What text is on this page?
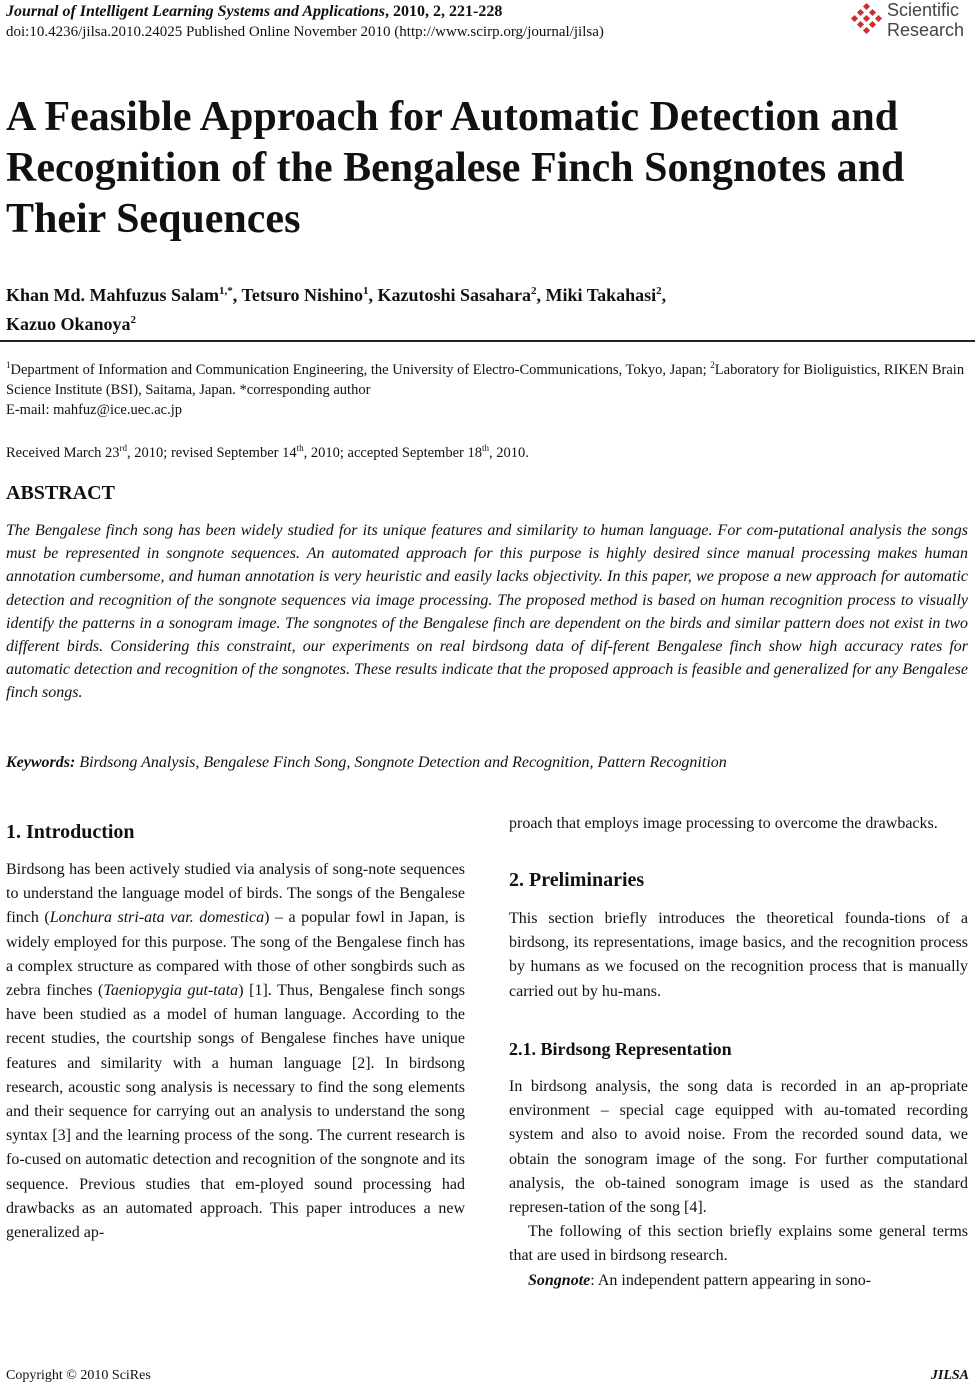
Journal of Intelligent Learning Systems and Applications, 2010, 2, 221-228
doi:10.4236/jilsa.2010.24025 Published Online November 2010 (http://www.scirp.org/journal/jilsa)
Scientific
Research
A Feasible Approach for Automatic Detection and Recognition of the Bengalese Finch Songnotes and Their Sequences
Khan Md. Mahfuzus Salam$^{1,*}$, Tetsuro Nishino$^1$, Kazutoshi Sasahara$^2$, Miki Takahasi$^2$,
Kazuo Okanoya$^2$
$^1$Department of Information and Communication Engineering, the University of Electro-Communications, Tokyo, Japan; $^2$Laboratory for Bioliguistics, RIKEN Brain Science Institute (BSI), Saitama, Japan. *corresponding author
E-mail: mahfuz@ice.uec.ac.jp
Received March 23rd, 2010; revised September 14th, 2010; accepted September 18th, 2010.
ABSTRACT
The Bengalese finch song has been widely studied for its unique features and similarity to human language. For com-putational analysis the songs must be represented in songnote sequences. An automated approach for this purpose is highly desired since manual processing makes human annotation cumbersome, and human annotation is very heuristic and easily lacks objectivity. In this paper, we propose a new approach for automatic detection and recognition of the songnote sequences via image processing. The proposed method is based on human recognition process to visually identify the patterns in a sonogram image. The songnotes of the Bengalese finch are dependent on the birds and similar pattern does not exist in two different birds. Considering this constraint, our experiments on real birdsong data of dif-ferent Bengalese finch show high accuracy rates for automatic detection and recognition of the songnotes. These results indicate that the proposed approach is feasible and generalized for any Bengalese finch songs.
Keywords: Birdsong Analysis, Bengalese Finch Song, Songnote Detection and Recognition, Pattern Recognition
1. Introduction

Birdsong has been actively studied via analysis of song-note sequences to understand the language model of birds. The songs of the Bengalese finch (Lonchura stri-ata var. domestica) – a popular fowl in Japan, is widely employed for this purpose. The song of the Bengalese finch has a complex structure as compared with those of other songbirds such as zebra finches (Taeniopygia gut-tata) [1]. Thus, Bengalese finch songs have been studied as a model of human language. According to the recent studies, the courtship songs of Bengalese finches have unique features and similarity with a human language [2]. In birdsong research, acoustic song analysis is necessary to find the song elements and their sequence for carrying out an analysis to understand the song syntax [3] and the learning process of the song. The current research is fo-cused on automatic detection and recognition of the songnote and its sequence. Previous studies that em-ployed sound processing had drawbacks as an automated approach. This paper introduces a new generalized ap-

proach that employs image processing to overcome the drawbacks.

2. Preliminaries

This section briefly introduces the theoretical founda-tions of a birdsong, its representations, image basics, and the recognition process by humans as we focused on the recognition process that is manually carried out by hu-mans.

2.1. Birdsong Representation

In birdsong analysis, the song data is recorded in an ap-propriate environment – special cage equipped with au-tomated recording system and also to avoid noise. From the recorded sound data, we obtain the sonogram image of the song. For further computational analysis, the ob-tained sonogram image is used as the standard represen-tation of the song [4].

The following of this section briefly explains some general terms that are used in birdsong research.

Songnote: An independent pattern appearing in sono-

Copyright © 2010 SciRes	JILSA
